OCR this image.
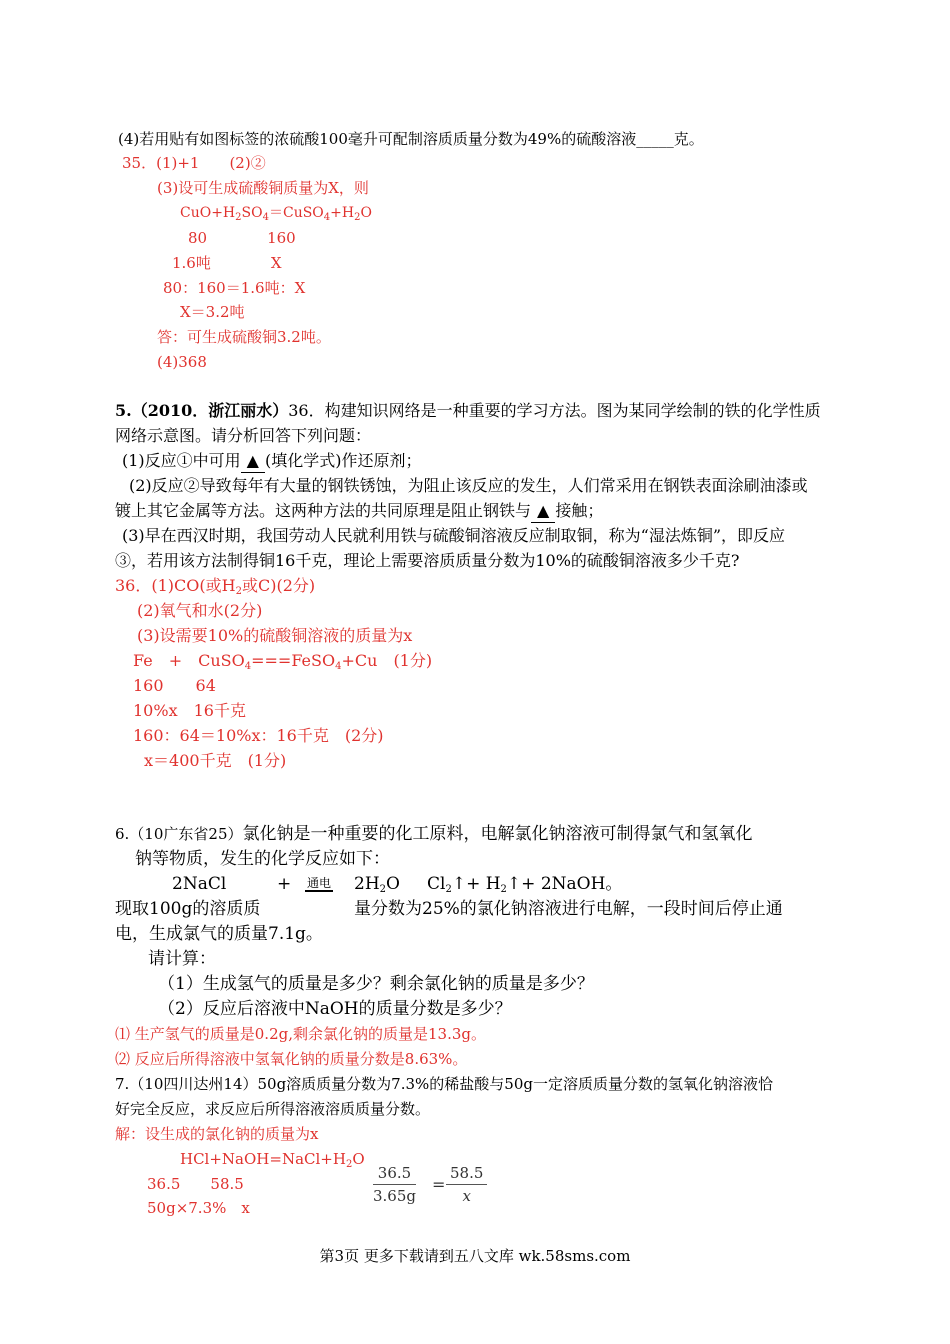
(4)若用贴有如图标签的浓硫酸100毫升可配制溶质质量分数为49%的硫酸溶液_____克。
35．(1)+1　　(2)②
(3)设可生成硫酸铜质量为X，则
$CuO+H_2SO_4=CuSO_4+H_2O$
80　　　　160
1.6吨　　　　X
80：160＝1.6吨：X
X＝3.2吨
答：可生成硫酸铜3.2吨。
(4)368
5.（2010．浙江丽水）36．构建知识网络是一种重要的学习方法。图为某同学绘制的铁的化学性质
网络示意图。请分析回答下列问题：
(1)反应①中可用 ▲ (填化学式)作还原剂；
(2)反应②导致每年有大量的钢铁锈蚀，为阻止该反应的发生，人们常采用在钢铁表面涂刷油漆或
镀上其它金属等方法。这两种方法的共同原理是阻止钢铁与 ▲ 接触；
(3)早在西汉时期，我国劳动人民就利用铁与硫酸铜溶液反应制取铜，称为“湿法炼铜”，即反应
③，若用该方法制得铜16千克，理论上需要溶质质量分数为10%的硫酸铜溶液多少千克?
36．(1)CO(或$H_2$或C)(2分)
(2)氧气和水(2分)
(3)设需要10%的硫酸铜溶液的质量为x
Fe　+　CuSO$_4$===FeSO$_4$+Cu　(1分)
160　　64
10%x　16千克
160：64＝10%x：16千克　(2分)
x＝400千克　(1分)
6.（10广东省25）氯化钠是一种重要的化工原料，电解氯化钠溶液可制得氯气和氢氧化
钠等物质，发生的化学反应如下：
2NaCl	+ 通电 $2H_2O$ $Cl_2↑+$ $H_2↑+$ 2NaOH。
现取100g的溶质质	量分数为25%的氯化钠溶液进行电解，一段时间后停止通
电，生成氯气的质量7.1g。
请计算：
（1）生成氢气的质量是多少？剩余氯化钠的质量是多少？
（2）反应后溶液中NaOH的质量分数是多少？
⑴ 生产氢气的质量是0.2g,剩余氯化钠的质量是13.3g。
⑵ 反应后所得溶液中氢氧化钠的质量分数是8.63%。
7.（10四川达州14）50g溶质质量分数为7.3%的稀盐酸与50g一定溶质质量分数的氢氧化钠溶液恰
好完全反应，求反应后所得溶液溶质质量分数。
解：设生成的氯化钠的质量为x
$HCl+NaOH=NaCl+H_2O$
36.5　　58.5
50g×7.3%　x
$\frac{36.5}{3.65g} = \frac{58.5}{x}$
第3页 更多下载请到五八文库 wk.58sms.com
